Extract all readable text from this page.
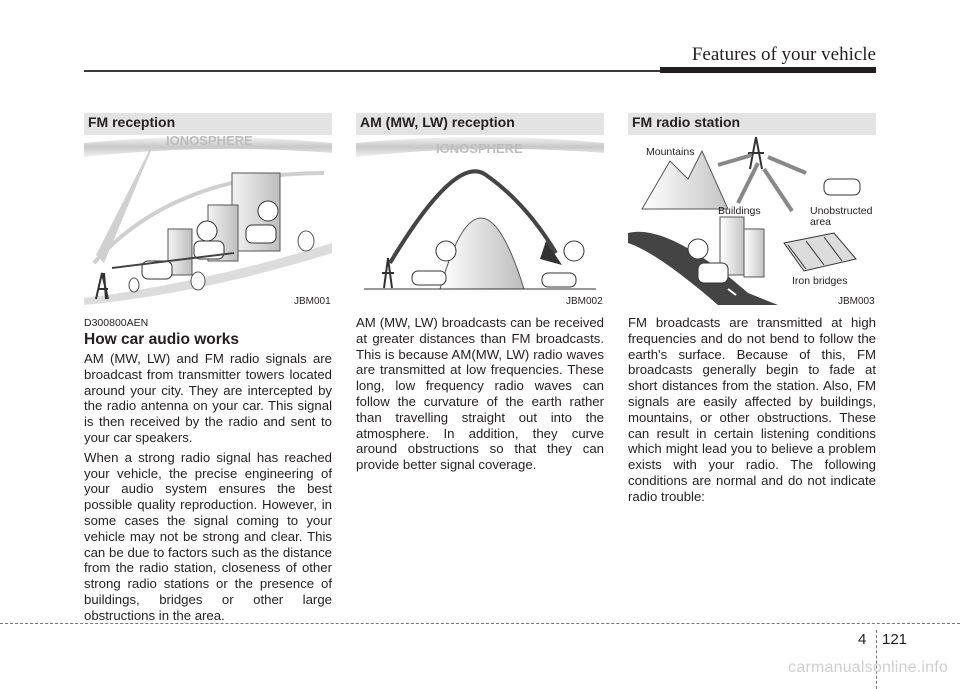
Features of your vehicle
FM reception
IONOSPHERE
JBM001
AM (MW, LW) reception
IONOSPHERE
JBM002
FM radio station
Mountains
Buildings	Unobstructed
area
Iron bridges
JBM003
D300800AEN
How car audio works

AM (MW, LW) and FM radio signals are broadcast from transmitter towers located around your city. They are intercepted by the radio antenna on your car. This signal is then received by the radio and sent to your car speakers.

When a strong radio signal has reached your vehicle, the precise engineering of your audio system ensures the best possible quality reproduction. However, in some cases the signal coming to your vehicle may not be strong and clear. This can be due to factors such as the distance from the radio station, closeness of other strong radio stations or the presence of buildings, bridges or other large obstructions in the area.

AM (MW, LW) broadcasts can be received at greater distances than FM broadcasts. This is because AM(MW, LW) radio waves are transmitted at low frequencies. These long, low frequency radio waves can follow the curvature of the earth rather than travelling straight out into the atmosphere. In addition, they curve around obstructions so that they can provide better signal coverage.

FM broadcasts are transmitted at high frequencies and do not bend to follow the earth's surface. Because of this, FM broadcasts generally begin to fade at short distances from the station. Also, FM signals are easily affected by buildings, mountains, or other obstructions. These can result in certain listening conditions which might lead you to believe a problem exists with your radio. The following conditions are normal and do not indicate radio trouble:

4 121
carmanualsonline.info
